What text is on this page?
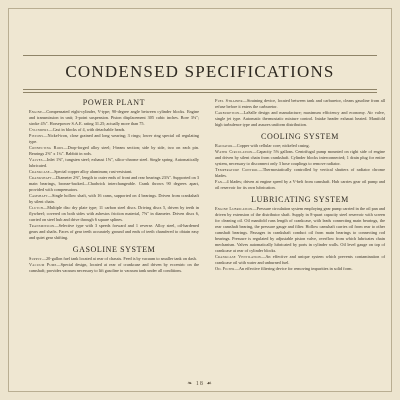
CONDENSED SPECIFICATIONS
POWER PLANT

Engine—Compensated eight-cylinder, V-type; 90-degree angle between cylinder blocks. Engine and transmission in unit; 3-point suspension. Piston displacement 305 cubic inches. Bore 3⅛"; stroke 4⅞". Horsepower S.A.E. rating 31.25; actually more than 75.

Cylinders—Cast in blocks of 4, with detachable heads.

Pistons—Nickel-iron, close grained and long wearing; 3 rings; lower ring special oil regulating type.

Connecting Rods—Drop-forged alloy steel; I-beam section; side by side, two on each pin. Bearings 2⅝" x 1¾". Babbitt in rods.

Valves—Inlet 1⅝", tungsten steel; exhaust 1⅝", silico-chrome steel. Single spring. Automatically lubricated.

Crankcase—Special copper alloy aluminum; rust-resistant.

Crankshaft—Diameter 2⅜", length to outer ends of front and rear bearings 23⅞". Supported on 3 main bearings, bronze-backed—Chadwick interchangeable. Crank throws 90 degrees apart, provided with compensators.

Camshaft—Single hollow shaft, with 16 cams, supported on 4 bearings. Driven from crankshaft by silent chain.

Clutch—Multiple disc dry plate type; 11 carbon steel discs. Driving discs 5, driven by teeth in flywheel; covered on both sides with asbestos friction material, 7⅝" in diameter. Driven discs 6, carried on steel hub and drive through 6 square splines.

Transmission—Selective type with 3 speeds forward and 1 reverse. Alloy steel, oil-hardened gears and shafts. Faces of gear teeth accurately ground and ends of teeth chamfered to obtain easy and quiet gear shifting.

GASOLINE SYSTEM

Supply—20-gallon fuel tank located at rear of chassis. Feed is by vacuum to smaller tank on dash.

Vacuum Pump—Special design, located at rear of crankcase and driven by eccentric on the camshaft; provides vacuum necessary to lift gasoline to vacuum tank under all conditions.

Fuel Strainer—Straining device, located between tank and carburetor, cleans gasoline from all refuse before it enters the carburetor.

Carburetion—LaSalle design and manufacture; maximum efficiency and economy. Air valve, single jet type. Automatic thermostatic mixture control. Intake header exhaust heated. Manifold high turbulence type and assures uniform distribution.

COOLING SYSTEM

Radiator—Copper with cellular core; nickeled casing.

Water Circulation—Capacity 5⅛ gallons. Centrifugal pump mounted on right side of engine and driven by silent chain from crankshaft. Cylinder blocks interconnected; 1 drain plug for entire system, necessary to disconnect only 3 hose couplings to remove radiator.

Temperature Control—Thermostatically controlled by vertical shutters of radiator chrome blades.

Fan—4 blades; driven at engine speed by a V-belt from camshaft. Hub carries gear oil pump and oil reservoir for its own lubrication.

LUBRICATING SYSTEM

Engine Lubrication—Pressure circulation system employing gear pump carried in the oil pan and driven by extension of the distributor shaft. Supply in 8-quart capacity steel reservoir with screen for cleaning oil. Oil manifold runs length of crankcase, with leads connecting main bearings, the rear camshaft bearing, the pressure gauge and filter. Hollow camshaft carries oil from rear to other camshaft bearings. Passages in crankshaft conduct oil from main bearings to connecting rod bearings. Pressure is regulated by adjustable piston valve, overflow from which lubricates chain mechanism. Valves automatically lubricated by ports in cylinder walls. Oil level gauge on top of crankcase at rear of cylinder blocks.

Crankcase Ventilation—An effective and unique system which prevents contamination of crankcase oil with water and unburned fuel.

Oil Filter—An effective filtering device for removing impurities in solid form.

❧ 18 ☙
